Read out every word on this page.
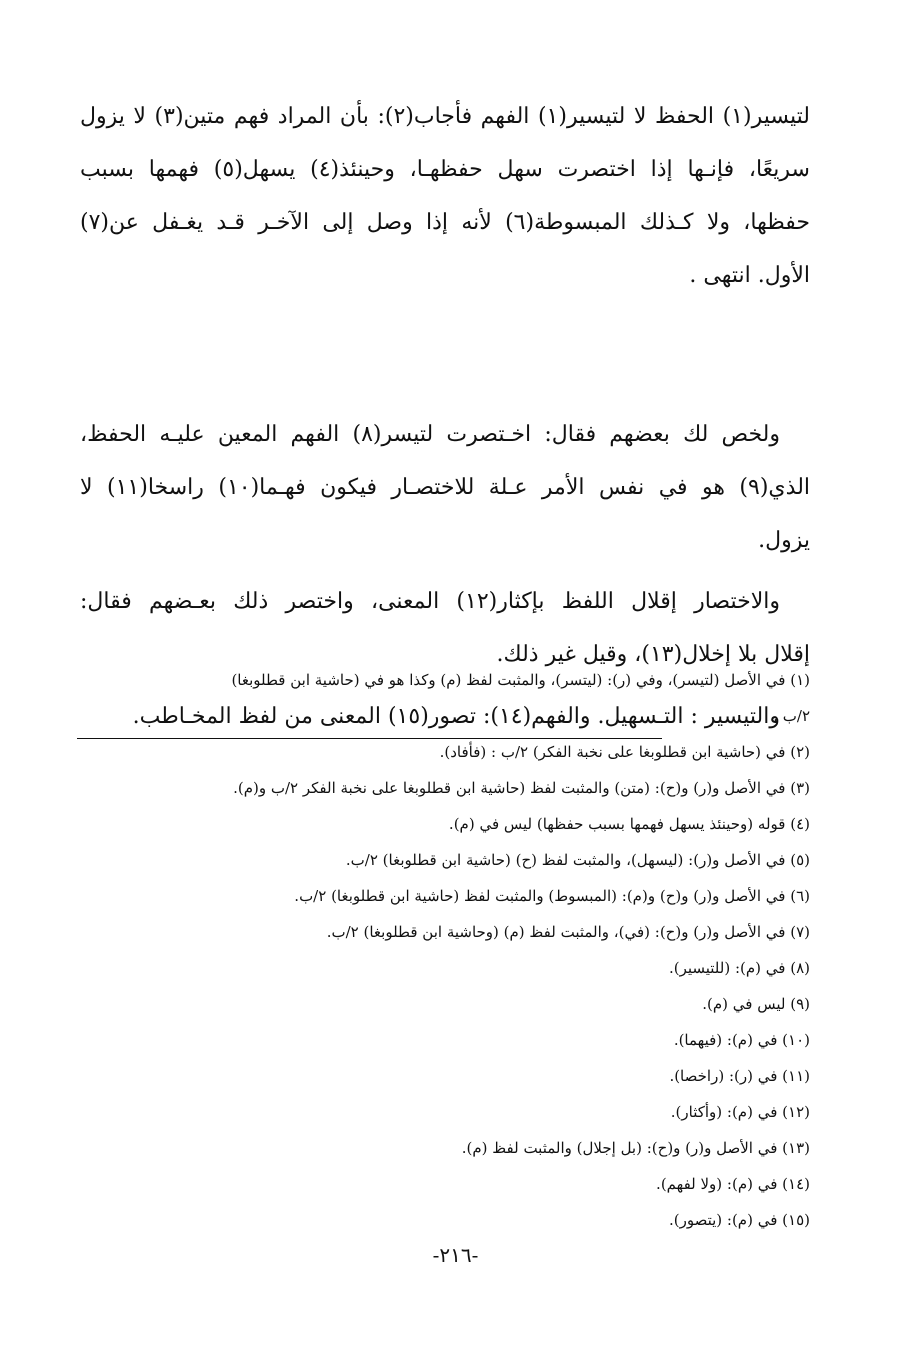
لتيسير(١) الحفظ لا لتيسير(١) الفهم فأجاب(٢): بأن المراد فهم متين(٣) لا يزول
سريعًا، فإنـها إذا اختصرت سهل حفظهـا، وحينئذ(٤) يسهل(٥) فهمها بسبب
حفظها، ولا كـذلك المبسوطة(٦) لأنه إذا وصل إلى الآخـر قـد يغـفل عن(٧)
الأول. انتهى .
ولخص لك بعضهم فقال: اخـتصرت لتيسر(٨) الفهم المعين عليـه الحفظ،
الذي(٩) هو في نفس الأمر عـلة للاختصـار فيكون فهـما(١٠) راسخا(١١) لا
يزول.
والاختصار إقلال اللفظ بإكثار(١٢) المعنى، واختصر ذلك بعـضهم فقال:
إقلال بلا إخلال(١٣)، وقيل غير ذلك.
والتيسير : التـسهيل. والفهم(١٤): تصور(١٥) المعنى من لفظ المخـاطب.
(١) في الأصل (لتيسر)، وفي (ر): (ليتسر)، والمثبت لفظ (م) وكذا هو في (حاشية ابن قطلوبغا)
٢/ب .
(٢) في (حاشية ابن قطلوبغا على نخبة الفكر) ٢/ب : (فأفاد).
(٣) في الأصل و(ر) و(ح): (متن) والمثبت لفظ (حاشية ابن قطلوبغا على نخبة الفكر ٢/ب و(م).
(٤) قوله (وحينئذ يسهل فهمها بسبب حفظها) ليس في (م).
(٥) في الأصل و(ر): (ليسهل)، والمثبت لفظ (ح) (حاشية ابن قطلوبغا) ٢/ب.
(٦) في الأصل و(ر) و(ح) و(م): (المبسوط) والمثبت لفظ (حاشية ابن قطلوبغا) ٢/ب.
(٧) في الأصل و(ر) و(ح): (في)، والمثبت لفظ (م) (وحاشية ابن قطلوبغا) ٢/ب.
(٨) في (م): (للتيسير).
(٩) ليس في (م).
(١٠) في (م): (فيهما).
(١١) في (ر): (راخصا).
(١٢) في (م): (وأكثار).
(١٣) في الأصل و(ر) و(ح): (بل إجلال) والمثبت لفظ (م).
(١٤) في (م): (ولا لفهم).
(١٥) في (م): (يتصور).
-٢١٦-
